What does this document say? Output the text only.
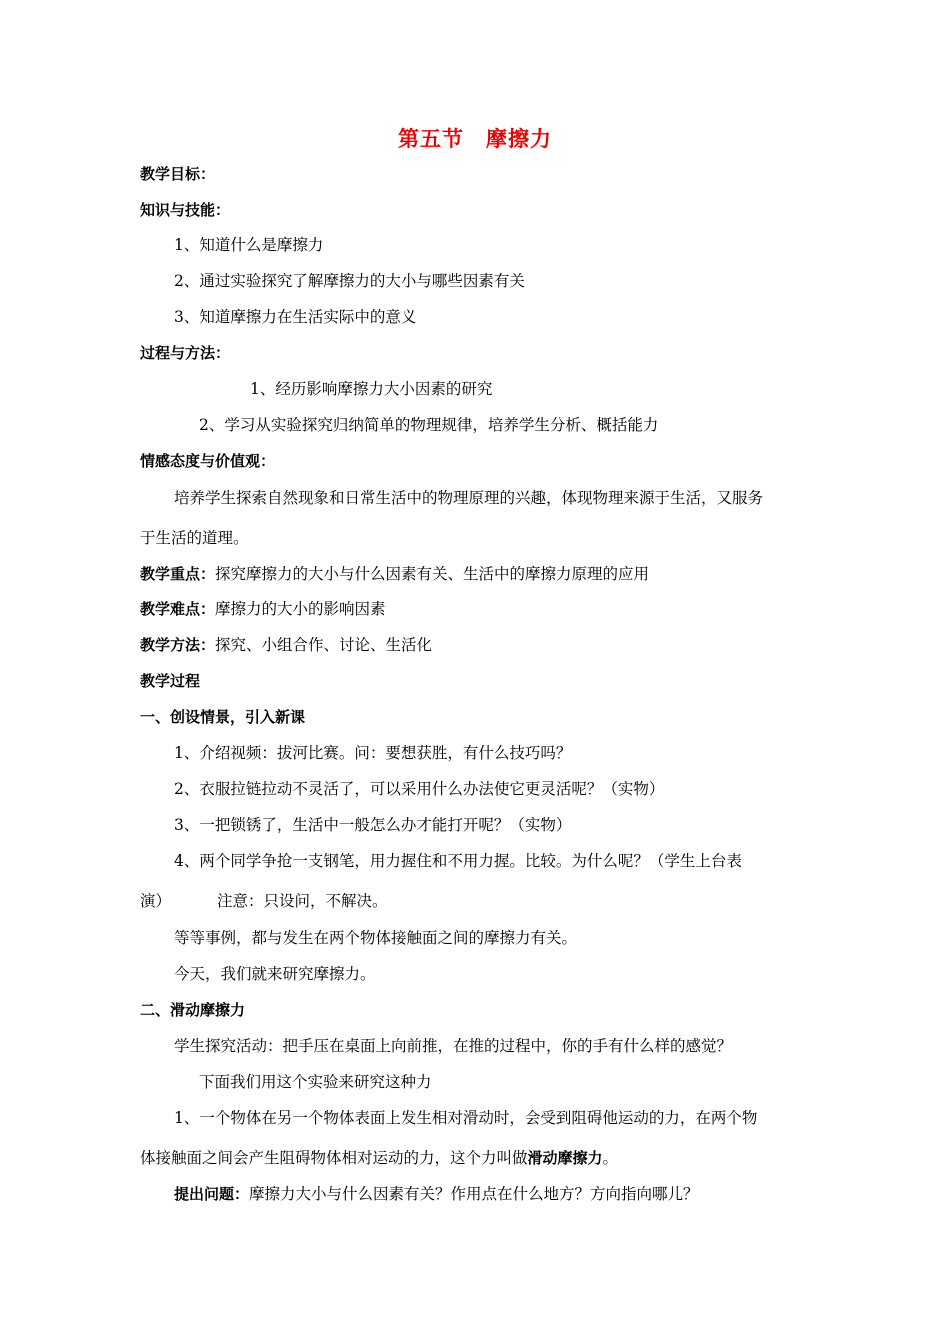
第五节　摩擦力
教学目标：
知识与技能：
1、知道什么是摩擦力
2、通过实验探究了解摩擦力的大小与哪些因素有关
3、知道摩擦力在生活实际中的意义
过程与方法：
1、经历影响摩擦力大小因素的研究
2、学习从实验探究归纳简单的物理规律，培养学生分析、概括能力
情感态度与价值观：
培养学生探索自然现象和日常生活中的物理原理的兴趣，体现物理来源于生活，又服务
于生活的道理。
教学重点：探究摩擦力的大小与什么因素有关、生活中的摩擦力原理的应用
教学难点：摩擦力的大小的影响因素
教学方法：探究、小组合作、讨论、生活化
教学过程
一、创设情景，引入新课
1、介绍视频：拔河比赛。问：要想获胜，有什么技巧吗？
2、衣服拉链拉动不灵活了，可以采用什么办法使它更灵活呢？（实物）
3、一把锁锈了，生活中一般怎么办才能打开呢？（实物）
4、两个同学争抢一支钢笔，用力握住和不用力握。比较。为什么呢？（学生上台表
演）	注意：只设问，不解决。
等等事例，都与发生在两个物体接触面之间的摩擦力有关。
今天，我们就来研究摩擦力。
二、滑动摩擦力
学生探究活动：把手压在桌面上向前推，在推的过程中，你的手有什么样的感觉？
下面我们用这个实验来研究这种力
1、一个物体在另一个物体表面上发生相对滑动时，会受到阻碍他运动的力，在两个物
体接触面之间会产生阻碍物体相对运动的力，这个力叫做滑动摩擦力。
提出问题：摩擦力大小与什么因素有关？作用点在什么地方？方向指向哪儿？
